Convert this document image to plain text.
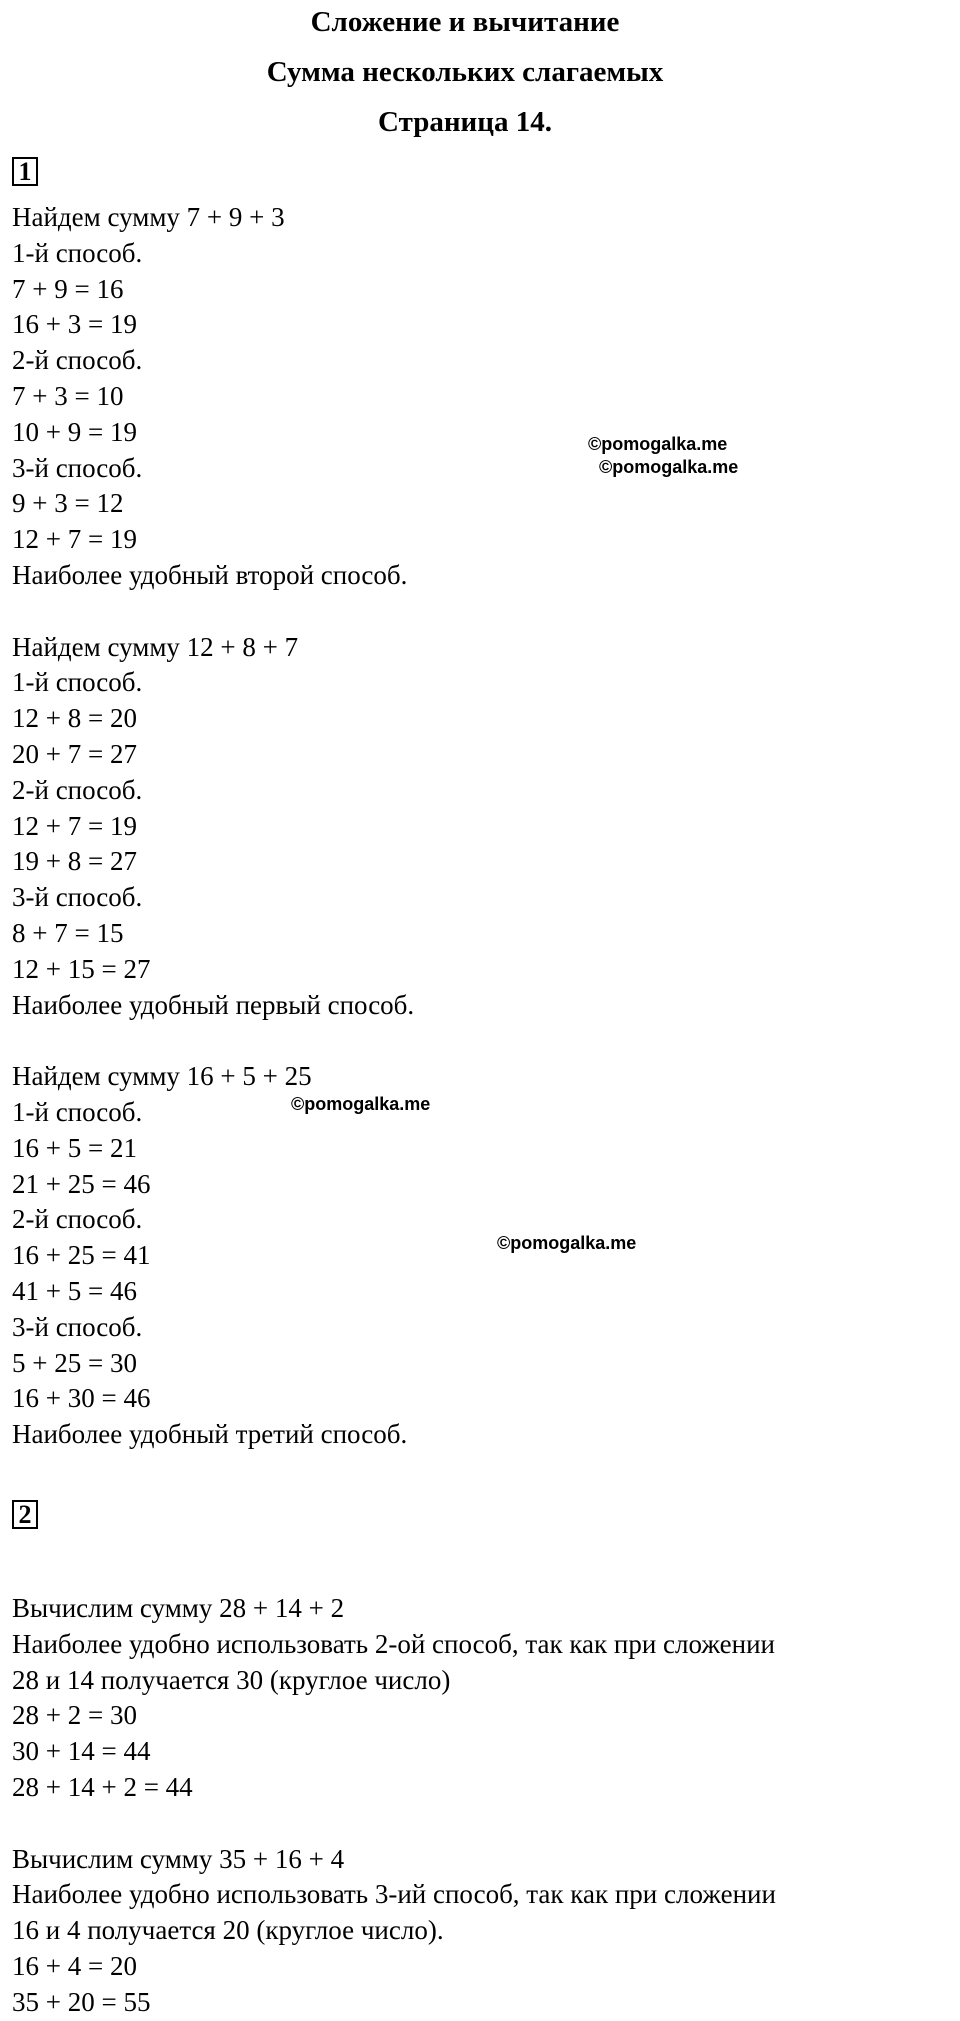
Сложение и вычитание
Сумма нескольких слагаемых
Страница 14.
1
Найдем сумму 7 + 9 + 3
1-й способ.
7 + 9 = 16
16 + 3 = 19
2-й способ.
7 + 3 = 10
10 + 9 = 19
3-й способ.
9 + 3 = 12
12 + 7 = 19
Наиболее удобный второй способ.
Найдем сумму 12 + 8 + 7
1-й способ.
12 + 8 = 20
20 + 7 = 27
2-й способ.
12 + 7 = 19
19 + 8 = 27
3-й способ.
8 + 7 = 15
12 + 15 = 27
Наиболее удобный первый способ.
Найдем сумму 16 + 5 + 25
1-й способ.
16 + 5 = 21
21 + 25 = 46
2-й способ.
16 + 25 = 41
41 + 5 = 46
3-й способ.
5 + 25 = 30
16 + 30 = 46
Наиболее удобный третий способ.
2
Вычислим сумму 28 + 14 + 2
Наиболее удобно использовать 2-ой способ, так как при сложении
28 и 14 получается 30 (круглое число)
28 + 2 = 30
30 + 14 = 44
28 + 14 + 2 = 44
Вычислим сумму 35 + 16 + 4
Наиболее удобно использовать 3-ий способ, так как при сложении
16 и 4 получается 20 (круглое число).
16 + 4 = 20
35 + 20 = 55
©pomogalka.me
©pomogalka.me
©pomogalka.me
©pomogalka.me
